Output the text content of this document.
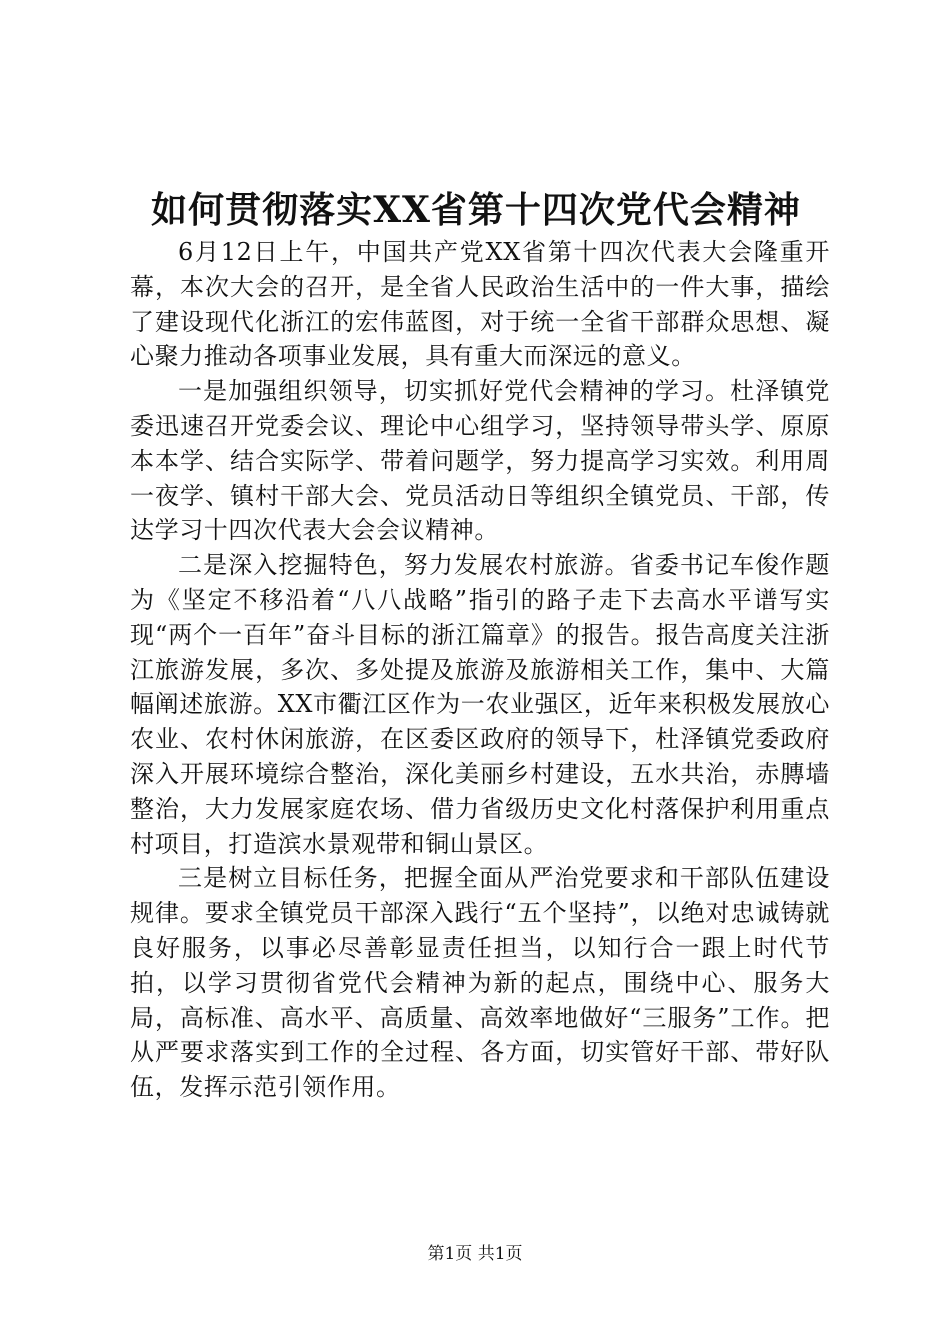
如何贯彻落实XX省第十四次党代会精神

6月12日上午，中国共产党XX省第十四次代表大会隆重开幕，本次大会的召开，是全省人民政治生活中的一件大事，描绘了建设现代化浙江的宏伟蓝图，对于统一全省干部群众思想、凝心聚力推动各项事业发展，具有重大而深远的意义。

一是加强组织领导，切实抓好党代会精神的学习。杜泽镇党委迅速召开党委会议、理论中心组学习，坚持领导带头学、原原本本学、结合实际学、带着问题学，努力提高学习实效。利用周一夜学、镇村干部大会、党员活动日等组织全镇党员、干部，传达学习十四次代表大会会议精神。

二是深入挖掘特色，努力发展农村旅游。省委书记车俊作题为《坚定不移沿着“八八战略”指引的路子走下去高水平谱写实现“两个一百年”奋斗目标的浙江篇章》的报告。报告高度关注浙江旅游发展，多次、多处提及旅游及旅游相关工作，集中、大篇幅阐述旅游。XX市衢江区作为一农业强区，近年来积极发展放心农业、农村休闲旅游，在区委区政府的领导下，杜泽镇党委政府深入开展环境综合整治，深化美丽乡村建设，五水共治，赤膞墙整治，大力发展家庭农场、借力省级历史文化村落保护利用重点村项目，打造滨水景观带和铜山景区。

三是树立目标任务，把握全面从严治党要求和干部队伍建设规律。要求全镇党员干部深入践行“五个坚持”，以绝对忠诚铸就良好服务，以事必尽善彰显责任担当，以知行合一跟上时代节拍，以学习贯彻省党代会精神为新的起点，围绕中心、服务大局，高标准、高水平、高质量、高效率地做好“三服务”工作。把从严要求落实到工作的全过程、各方面，切实管好干部、带好队伍，发挥示范引领作用。

第1页 共1页
